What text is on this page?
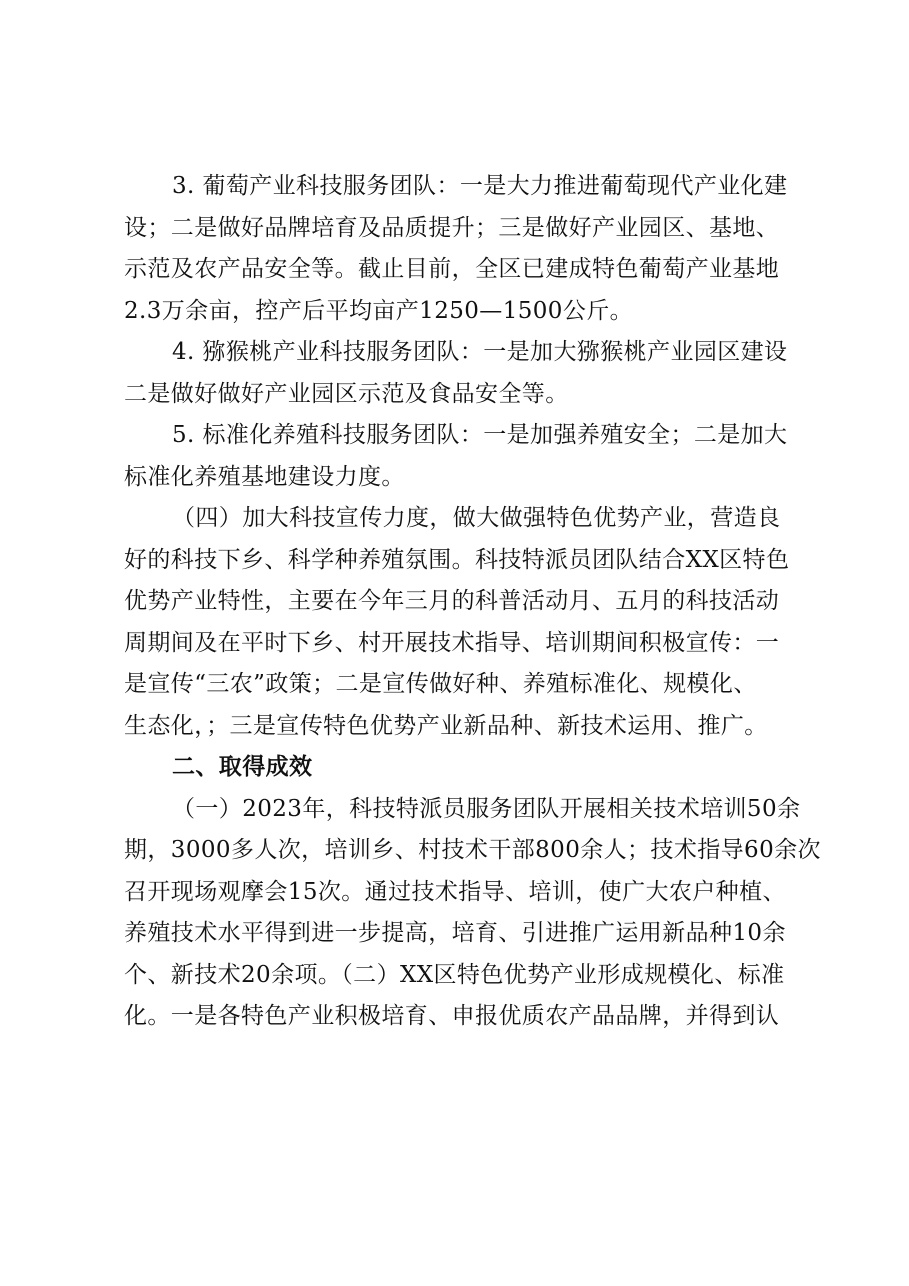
3. 葡萄产业科技服务团队：一是大力推进葡萄现代产业化建
设；二是做好品牌培育及品质提升；三是做好产业园区、基地、
示范及农产品安全等。截止目前，全区已建成特色葡萄产业基地
2.3万余亩，控产后平均亩产1250—1500公斤。
4. 猕猴桃产业科技服务团队：一是加大猕猴桃产业园区建设
二是做好做好产业园区示范及食品安全等。
5. 标准化养殖科技服务团队：一是加强养殖安全；二是加大
标准化养殖基地建设力度。
（四）加大科技宣传力度，做大做强特色优势产业，营造良
好的科技下乡、科学种养殖氛围。科技特派员团队结合XX区特色
优势产业特性，主要在今年三月的科普活动月、五月的科技活动
周期间及在平时下乡、村开展技术指导、培训期间积极宣传：一
是宣传“三农”政策；二是宣传做好种、养殖标准化、规模化、
生态化，；三是宣传特色优势产业新品种、新技术运用、推广。
二、取得成效
（一）2023年，科技特派员服务团队开展相关技术培训50余
期，3000多人次，培训乡、村技术干部800余人；技术指导60余次
召开现场观摩会15次。通过技术指导、培训，使广大农户种植、
养殖技术水平得到进一步提高，培育、引进推广运用新品种10余
个、新技术20余项。（二）XX区特色优势产业形成规模化、标准
化。一是各特色产业积极培育、申报优质农产品品牌，并得到认
